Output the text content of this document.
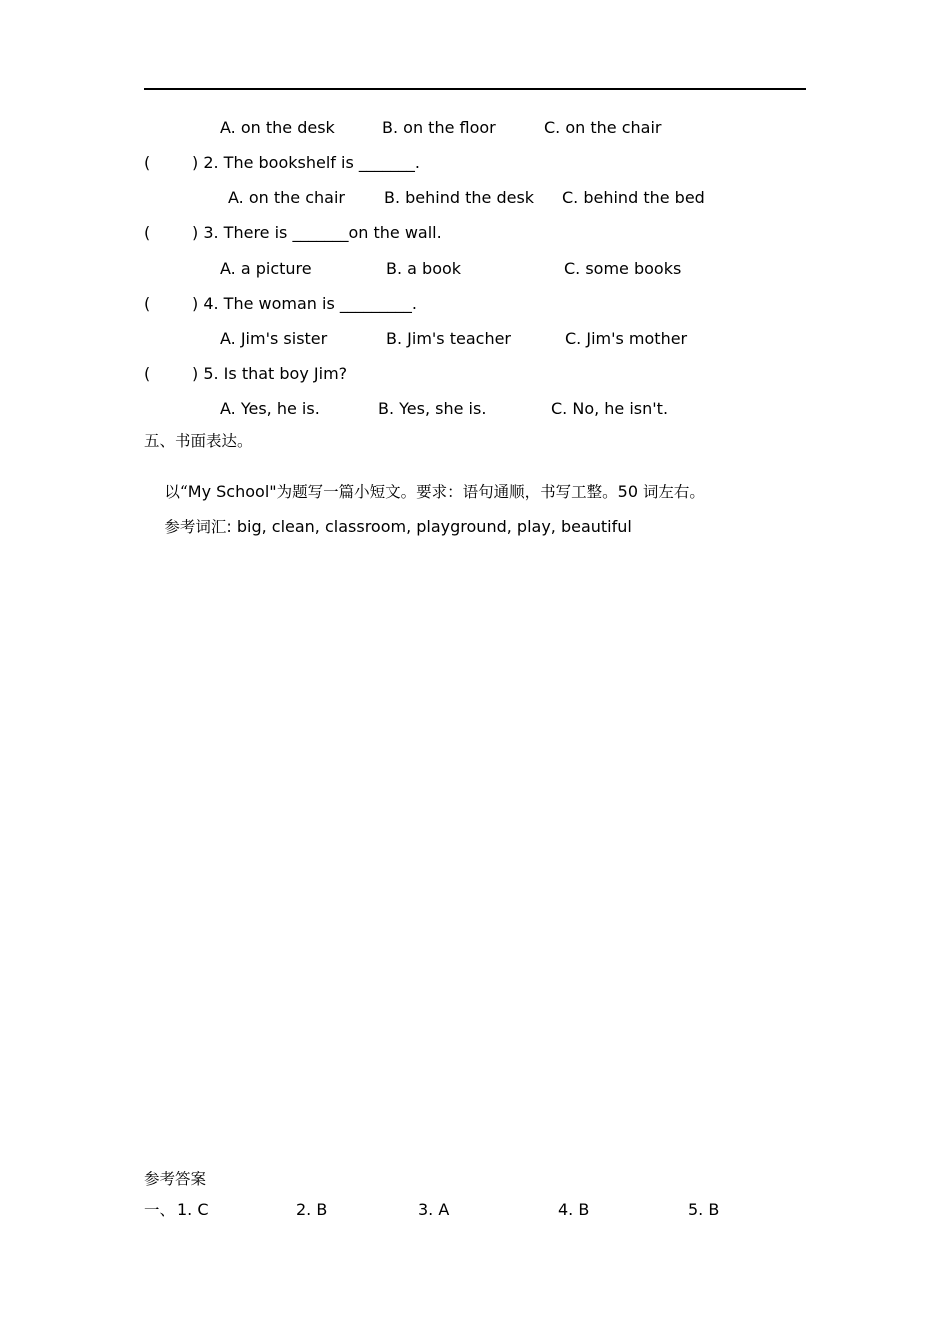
A. on the desk	B. on the floor	C. on the chair
(	) 2. The bookshelf is _______.
A. on the chair B. behind the desk C. behind the bed
(	) 3. There is _______on the wall.
A. a picture	B. a book	C. some books
(	) 4. The woman is _________.
A. Jim's sister	B. Jim's teacher	C. Jim's mother
(	) 5. Is that boy Jim?
A. Yes, he is.	B. Yes, she is.	C. No, he isn't.
五、书面表达。

以“My School"为题写一篇小短文。要求：语句通顺，书写工整。50 词左右。

参考词汇: big, clean, classroom, playground, play, beautiful

参考答案
一、 1. C	2. B	3. A	4. B	5. B
